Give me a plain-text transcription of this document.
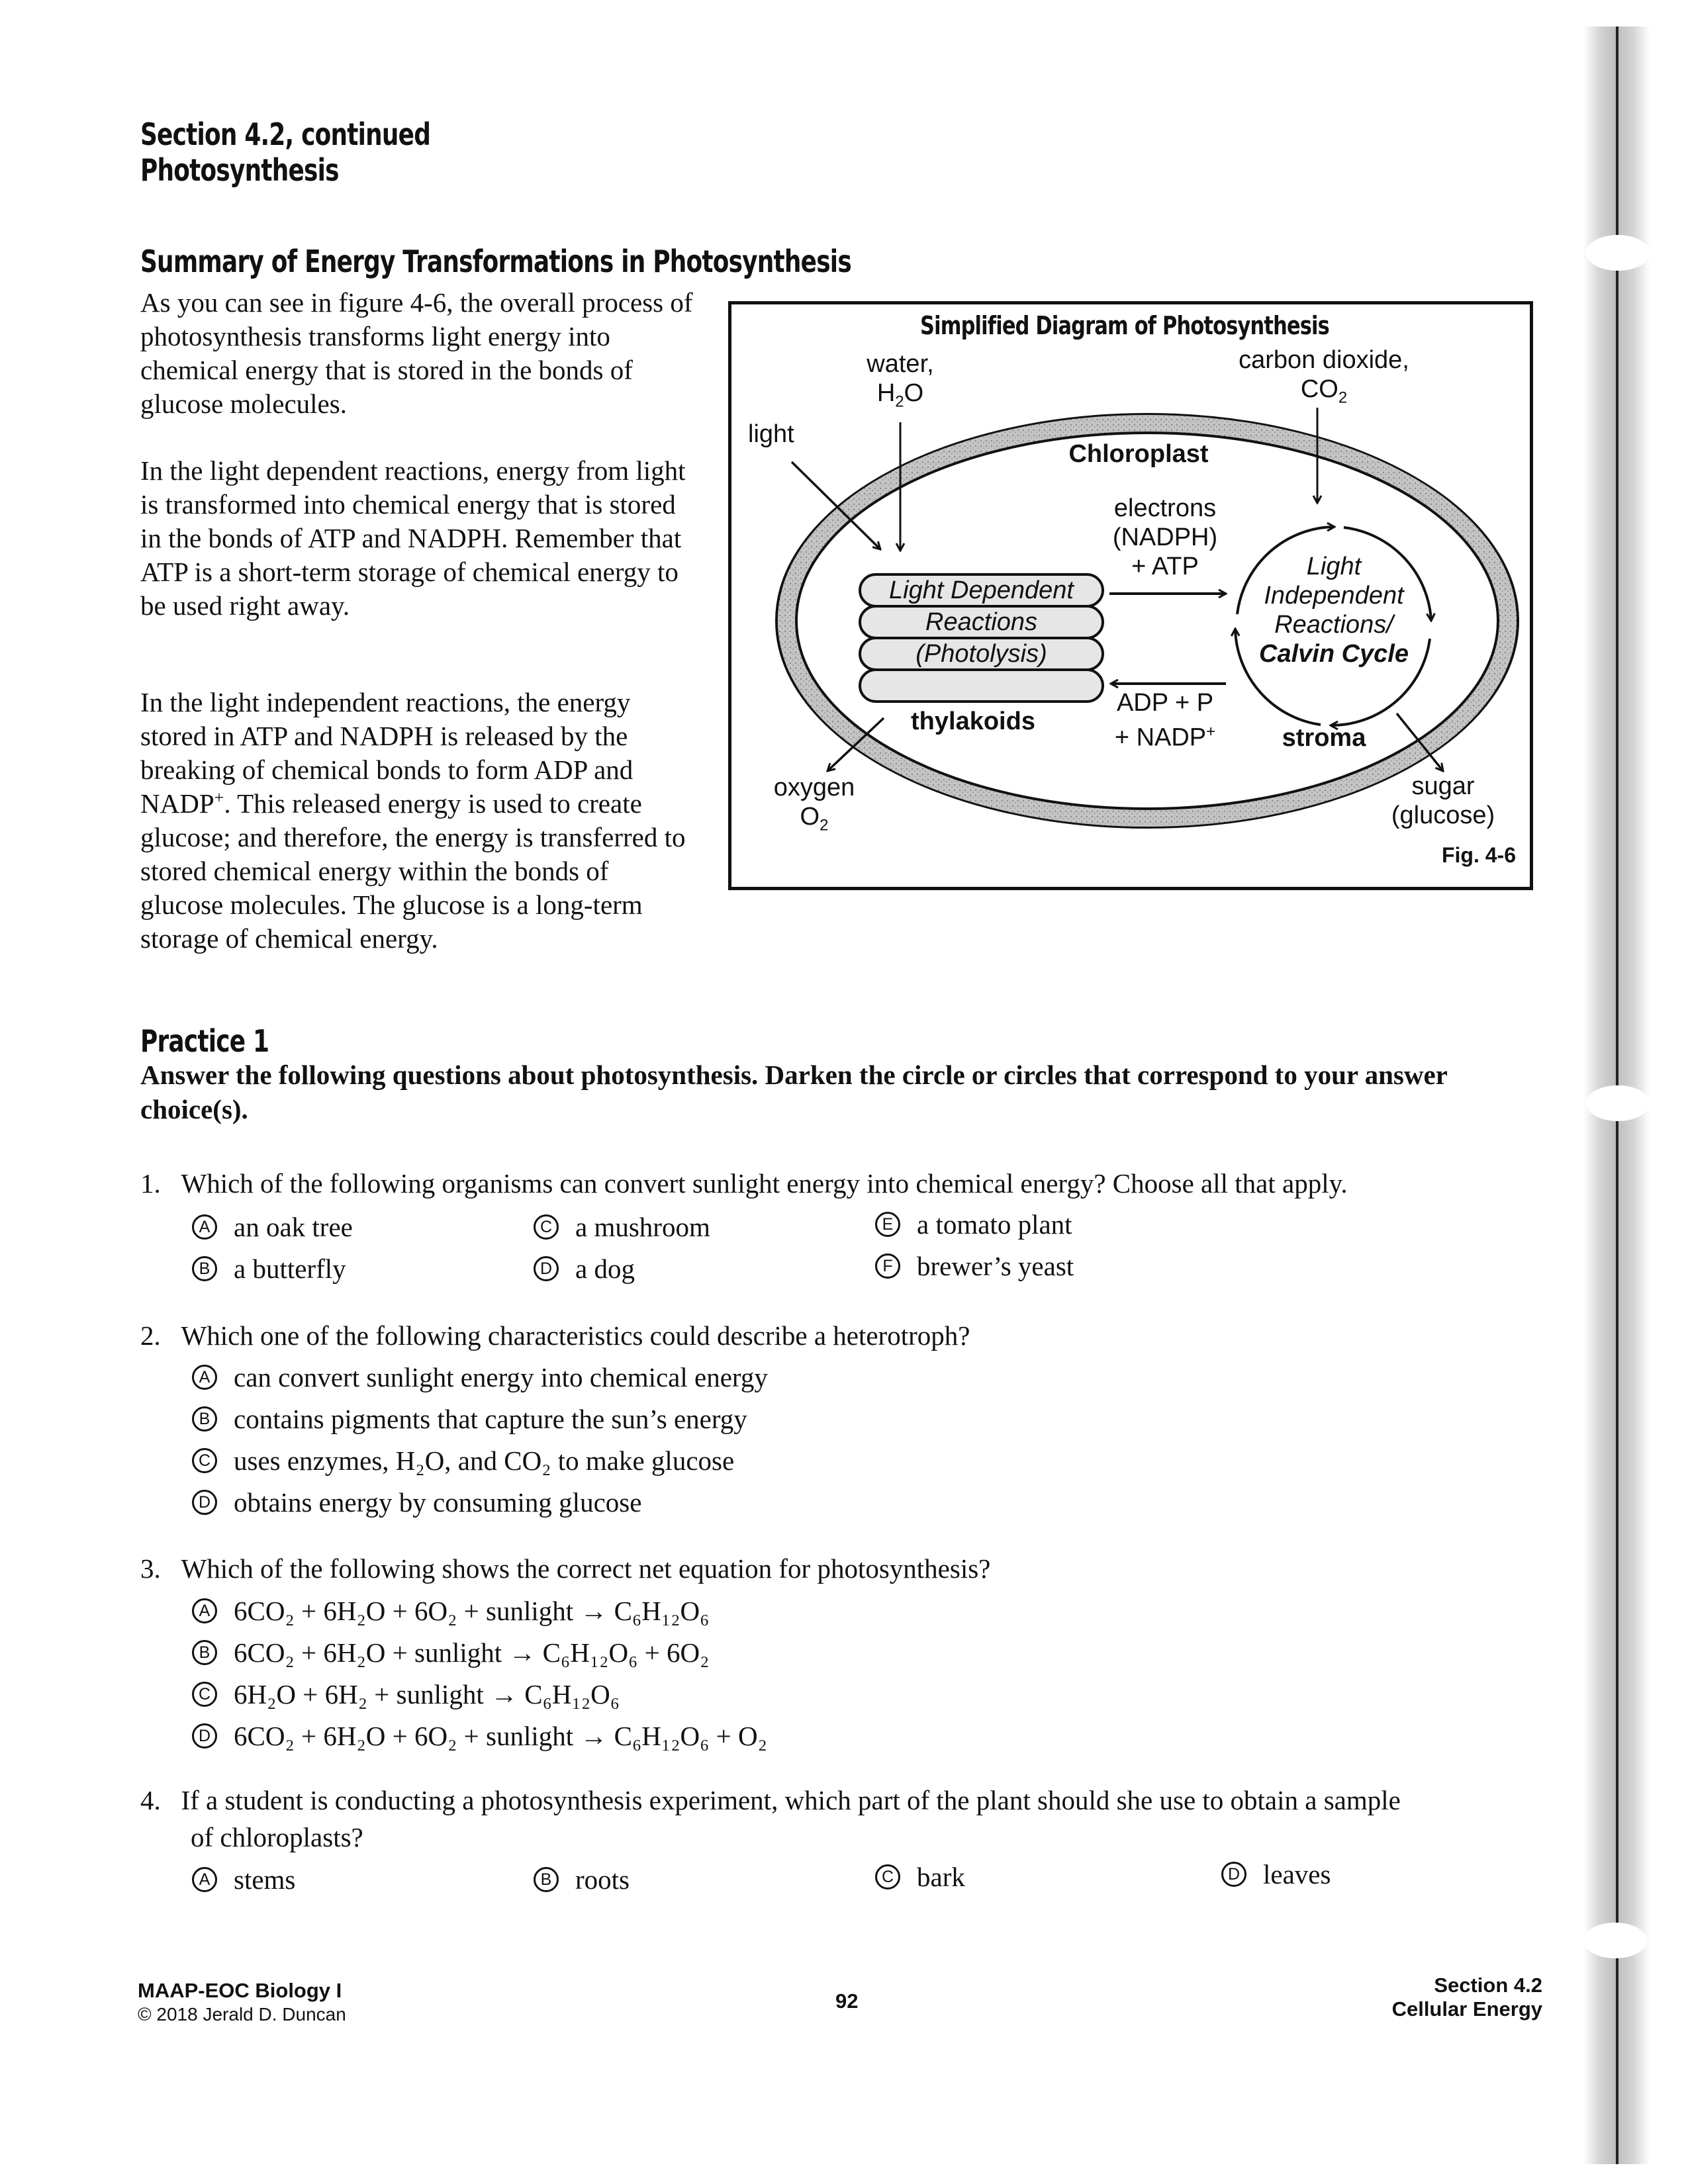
Section 4.2, continued
Photosynthesis
Summary of Energy Transformations in Photosynthesis
As you can see in figure 4-6, the overall process of photosynthesis transforms light energy into chemical energy that is stored in the bonds of glucose molecules.
In the light dependent reactions, energy from light is transformed into chemical energy that is stored in the bonds of ATP and NADPH. Remember that ATP is a short-term storage of chemical energy to be used right away.
In the light independent reactions, the energy stored in ATP and NADPH is released by the breaking of chemical bonds to form ADP and NADP+. This released energy is used to create glucose; and therefore, the energy is transferred to stored chemical energy within the bonds of glucose molecules. The glucose is a long-term storage of chemical energy.
Simplified Diagram of Photosynthesis
water,
$H_2O$
carbon dioxide,
$CO_2$
light
Chloroplast
electrons
(NADPH)
+ ATP
Light Dependent
Reactions
(Photolysis)
thylakoids
ADP + P
+ NADP+
Light
Independent
Reactions/
Calvin Cycle
stroma
oxygen
$O_2$
sugar
(glucose)
Fig. 4-6
Practice 1
Answer the following questions about photosynthesis. Darken the circle or circles that correspond to your answer choice(s).
1. Which of the following organisms can convert sunlight energy into chemical energy? Choose all that apply.
A an oak tree
B a butterfly
C a mushroom
D a dog
E a tomato plant
F brewer’s yeast
2. Which one of the following characteristics could describe a heterotroph?
A can convert sunlight energy into chemical energy
B contains pigments that capture the sun’s energy
C uses enzymes, H₂O, and CO₂ to make glucose
D obtains energy by consuming glucose
3. Which of the following shows the correct net equation for photosynthesis?
A 6CO₂ + 6H₂O + 6O₂ + sunlight → C₆H₁₂O₆
B 6CO₂ + 6H₂O + sunlight → C₆H₁₂O₆ + 6O₂
C 6H₂O + 6H₂ + sunlight → C₆H₁₂O₆
D 6CO₂ + 6H₂O + 6O₂ + sunlight → C₆H₁₂O₆ + O₂
4. If a student is conducting a photosynthesis experiment, which part of the plant should she use to obtain a sample
of chloroplasts?
A stems	B roots	C bark	D leaves
MAAP-EOC Biology I
© 2018 Jerald D. Duncan
92
Section 4.2
Cellular Energy
